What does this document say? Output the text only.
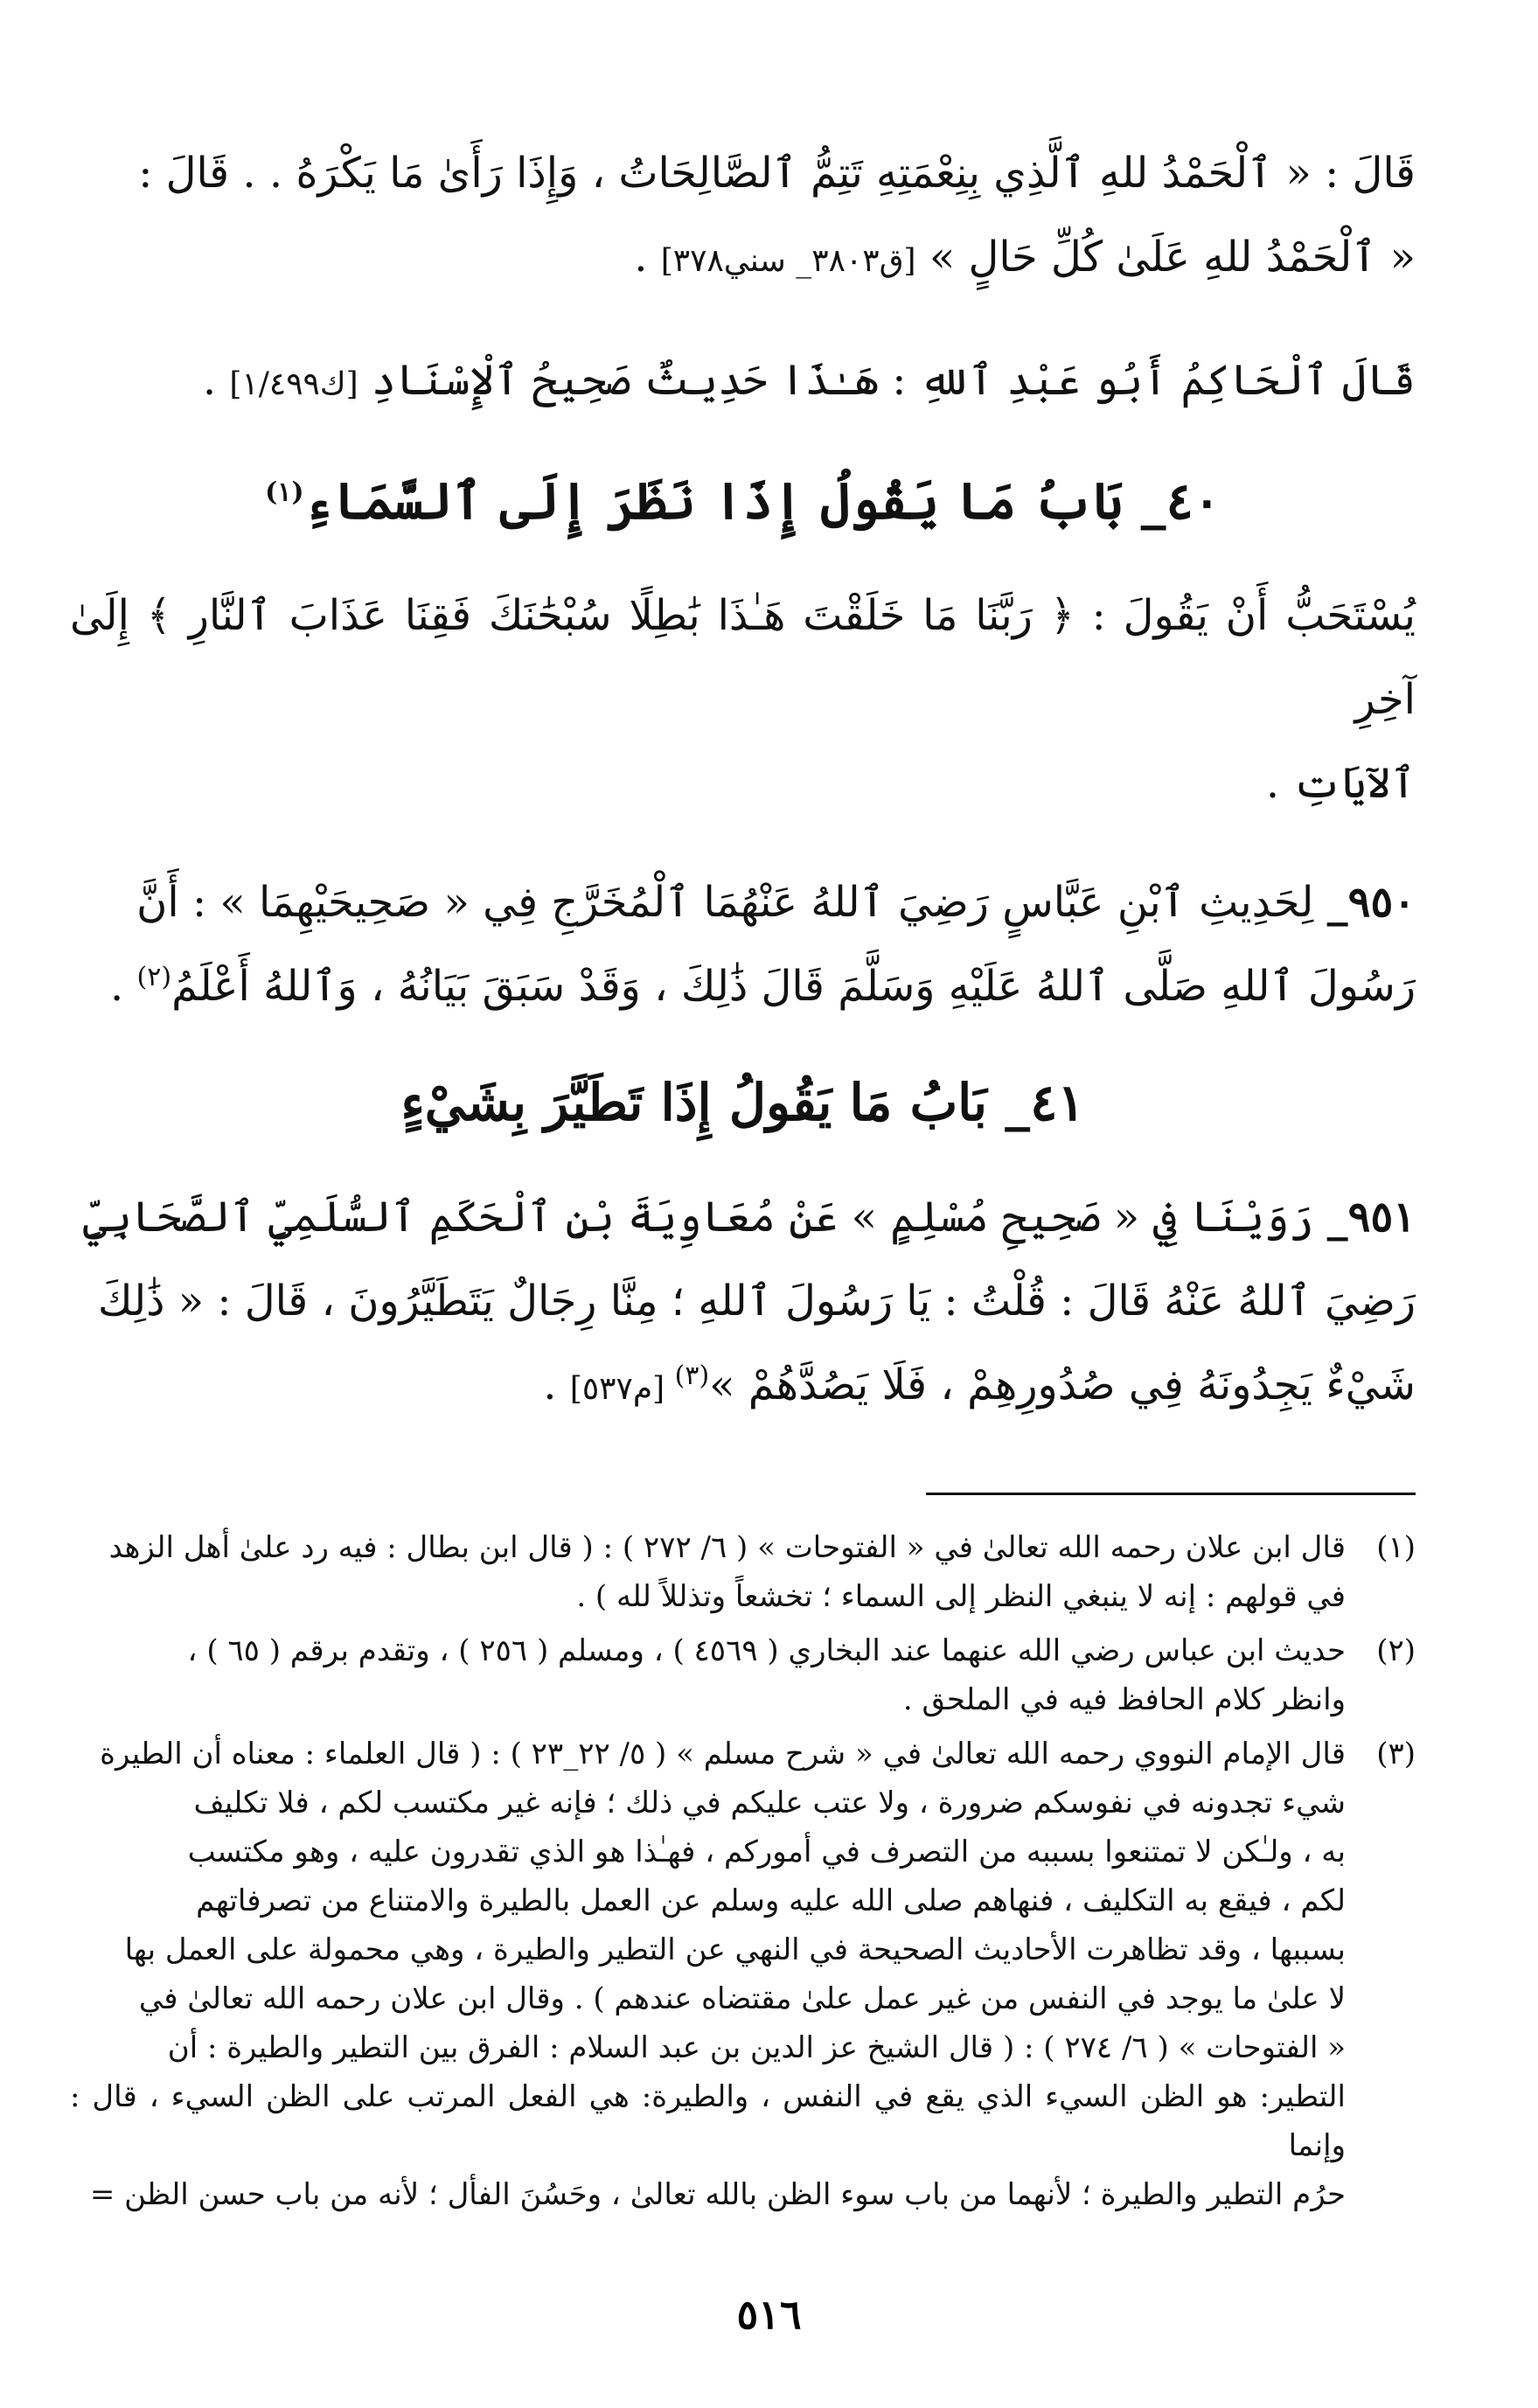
قَالَ : « ٱلْحَمْدُ للهِ ٱلَّذِي بِنِعْمَتِهِ تَتِمُّ ٱلصَّالِحَاتُ ، وَإِذَا رَأَىٰ مَا يَكْرَهُ . . قَالَ :

« ٱلْحَمْدُ للهِ عَلَىٰ كُلِّ حَالٍ » [ق٣٨٠٣_ سني٣٧٨] .

قَالَ ٱلْحَاكِمُ أَبُو عَبْدِ ٱللهِ : هَـٰذَا حَدِيثٌ صَحِيحُ ٱلْإِسْنَادِ [ك١/٤٩٩] .

٤٠_ بَابُ مَا يَقُولُ إِذَا نَظَرَ إِلَى ٱلسَّمَاءِ$^{(١)}$

يُسْتَحَبُّ أَنْ يَقُولَ : ﴿ رَبَّنَا مَا خَلَقْتَ هَـٰذَا بَٰطِلًا سُبْحَٰنَكَ فَقِنَا عَذَابَ ٱلنَّارِ ﴾ إِلَىٰ آخِرِ

ٱلآيَاتِ .

٩٥٠_ لِحَدِيثِ ٱبْنِ عَبَّاسٍ رَضِيَ ٱللهُ عَنْهُمَا ٱلْمُخَرَّجِ فِي « صَحِيحَيْهِمَا » : أَنَّ

رَسُولَ ٱللهِ صَلَّى ٱللهُ عَلَيْهِ وَسَلَّمَ قَالَ ذَٰلِكَ ، وَقَدْ سَبَقَ بَيَانُهُ ، وَٱللهُ أَعْلَمُ$^{(٢)}$ .

٤١_ بَابُ مَا يَقُولُ إِذَا تَطَيَّرَ بِشَيْءٍ

٩٥١_ رَوَيْنَا فِي « صَحِيحِ مُسْلِمٍ » عَنْ مُعَاوِيَةَ بْنِ ٱلْحَكَمِ ٱلسُّلَمِيِّ ٱلصَّحَابِيِّ

رَضِيَ ٱللهُ عَنْهُ قَالَ : قُلْتُ : يَا رَسُولَ ٱللهِ ؛ مِنَّا رِجَالٌ يَتَطَيَّرُونَ ، قَالَ : « ذَٰلِكَ

شَيْءٌ يَجِدُونَهُ فِي صُدُورِهِمْ ، فَلَا يَصُدَّهُمْ »$^{(٣)}$ [م٥٣٧] .

(١)
قال ابن علان رحمه الله تعالىٰ في « الفتوحات » ( ٦/ ٢٧٢ ) : ( قال ابن بطال : فيه رد علىٰ أهل الزهد
في قولهم : إنه لا ينبغي النظر إلى السماء ؛ تخشعاً وتذللاً لله ) .
(٢)
حديث ابن عباس رضي الله عنهما عند البخاري ( ٤٥٦٩ ) ، ومسلم ( ٢٥٦ ) ، وتقدم برقم ( ٦٥ ) ،
وانظر كلام الحافظ فيه في الملحق .
(٣)
قال الإمام النووي رحمه الله تعالىٰ في « شرح مسلم » ( ٥/ ٢٢_٢٣ ) : ( قال العلماء : معناه أن الطيرة
شيء تجدونه في نفوسكم ضرورة ، ولا عتب عليكم في ذلك ؛ فإنه غير مكتسب لكم ، فلا تكليف
به ، ولـٰكن لا تمتنعوا بسببه من التصرف في أموركم ، فهـٰذا هو الذي تقدرون عليه ، وهو مكتسب
لكم ، فيقع به التكليف ، فنهاهم صلى الله عليه وسلم عن العمل بالطيرة والامتناع من تصرفاتهم
بسببها ، وقد تظاهرت الأحاديث الصحيحة في النهي عن التطير والطيرة ، وهي محمولة على العمل بها
لا علىٰ ما يوجد في النفس من غير عمل علىٰ مقتضاه عندهم ) . وقال ابن علان رحمه الله تعالىٰ في
« الفتوحات » ( ٦/ ٢٧٤ ) : ( قال الشيخ عز الدين بن عبد السلام : الفرق بين التطير والطيرة : أن
التطير: هو الظن السيء الذي يقع في النفس ، والطيرة: هي الفعل المرتب على الظن السيء ، قال : وإنما
حرُم التطير والطيرة ؛ لأنهما من باب سوء الظن بالله تعالىٰ ، وحَسُنَ الفأل ؛ لأنه من باب حسن الظن =
٥١٦
